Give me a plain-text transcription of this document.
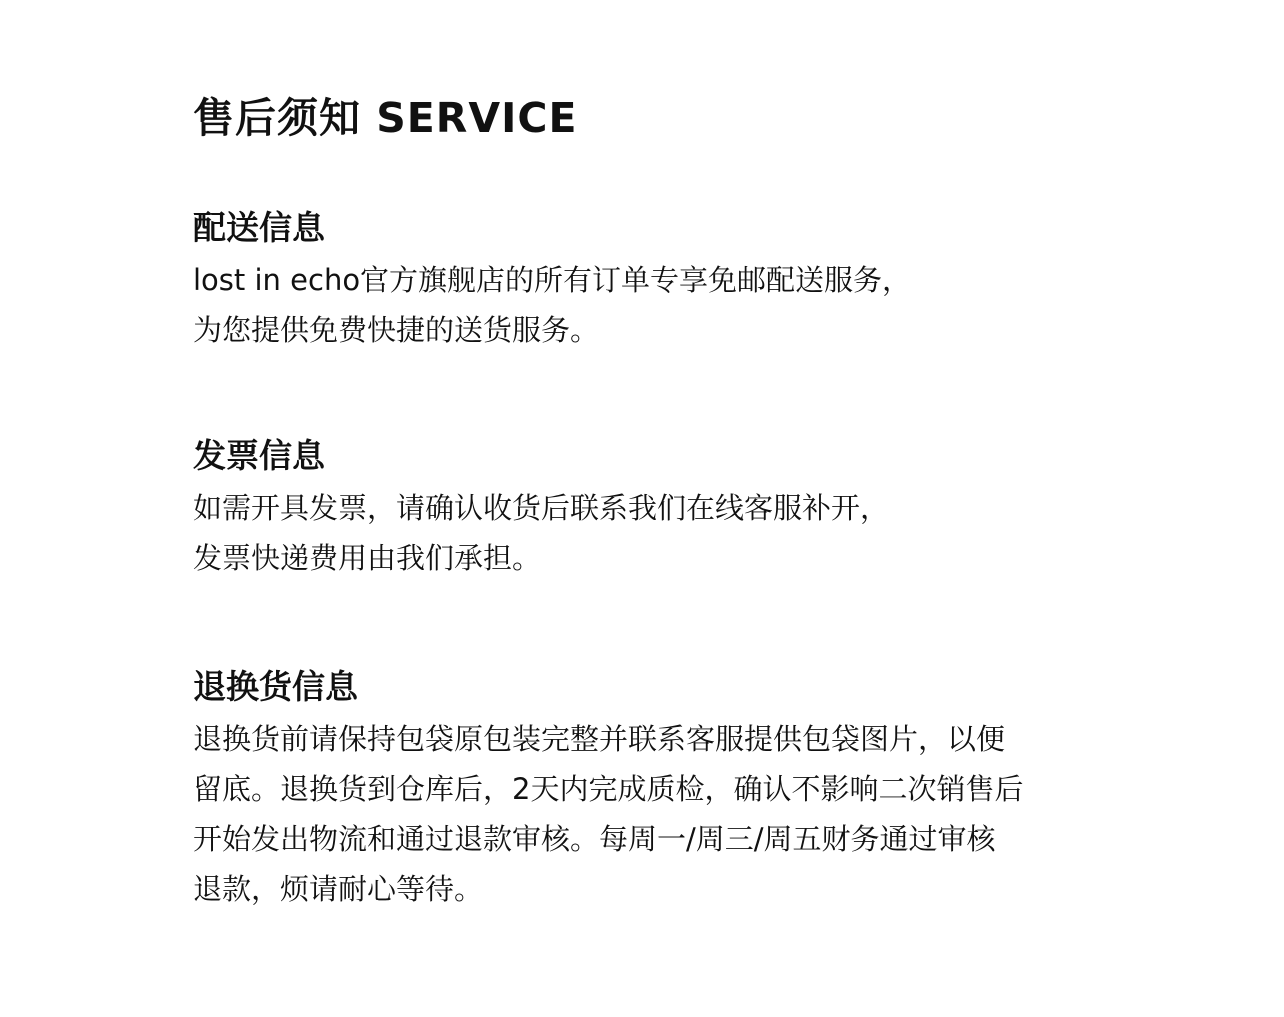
售后须知 SERVICE
配送信息
lost in echo官方旗舰店的所有订单专享免邮配送服务，
为您提供免费快捷的送货服务。
发票信息
如需开具发票，请确认收货后联系我们在线客服补开，
发票快递费用由我们承担。
退换货信息
退换货前请保持包袋原包装完整并联系客服提供包袋图片，以便
留底。退换货到仓库后，2天内完成质检，确认不影响二次销售后
开始发出物流和通过退款审核。每周一/周三/周五财务通过审核
退款，烦请耐心等待。
